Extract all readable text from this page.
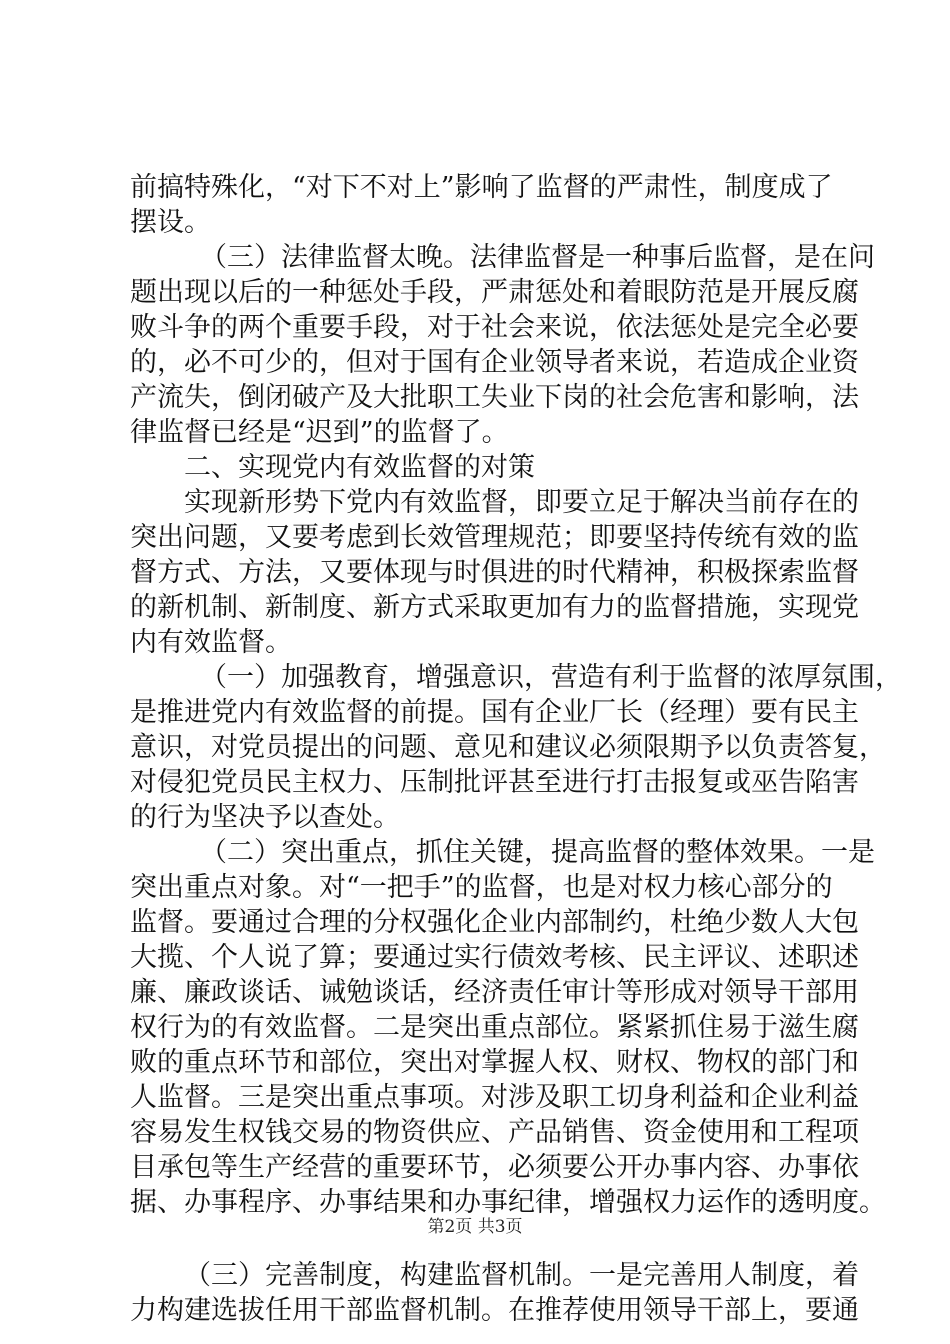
前搞特殊化，“对下不对上”影响了监督的严肃性，制度成了
摆设。
（三）法律监督太晚。法律监督是一种事后监督，是在问
题出现以后的一种惩处手段，严肃惩处和着眼防范是开展反腐
败斗争的两个重要手段，对于社会来说，依法惩处是完全必要
的，必不可少的，但对于国有企业领导者来说，若造成企业资
产流失，倒闭破产及大批职工失业下岗的社会危害和影响，法
律监督已经是“迟到”的监督了。
二、实现党内有效监督的对策
实现新形势下党内有效监督，即要立足于解决当前存在的
突出问题，又要考虑到长效管理规范；即要坚持传统有效的监
督方式、方法，又要体现与时俱进的时代精神，积极探索监督
的新机制、新制度、新方式采取更加有力的监督措施，实现党
内有效监督。
（一）加强教育，增强意识，营造有利于监督的浓厚氛围，
是推进党内有效监督的前提。国有企业厂长（经理）要有民主
意识，对党员提出的问题、意见和建议必须限期予以负责答复，
对侵犯党员民主权力、压制批评甚至进行打击报复或巫告陷害
的行为坚决予以查处。
（二）突出重点，抓住关键，提高监督的整体效果。一是
突出重点对象。对“一把手”的监督，也是对权力核心部分的
监督。要通过合理的分权强化企业内部制约，杜绝少数人大包
大揽、个人说了算；要通过实行债效考核、民主评议、述职述
廉、廉政谈话、诫勉谈话，经济责任审计等形成对领导干部用
权行为的有效监督。二是突出重点部位。紧紧抓住易于滋生腐
败的重点环节和部位，突出对掌握人权、财权、物权的部门和
人监督。三是突出重点事项。对涉及职工切身利益和企业利益
容易发生权钱交易的物资供应、产品销售、资金使用和工程项
目承包等生产经营的重要环节，必须要公开办事内容、办事依
据、办事程序、办事结果和办事纪律，增强权力运作的透明度。
（三）完善制度，构建监督机制。一是完善用人制度，着
力构建选拔任用干部监督机制。在推荐使用领导干部上，要通
第2页 共3页
